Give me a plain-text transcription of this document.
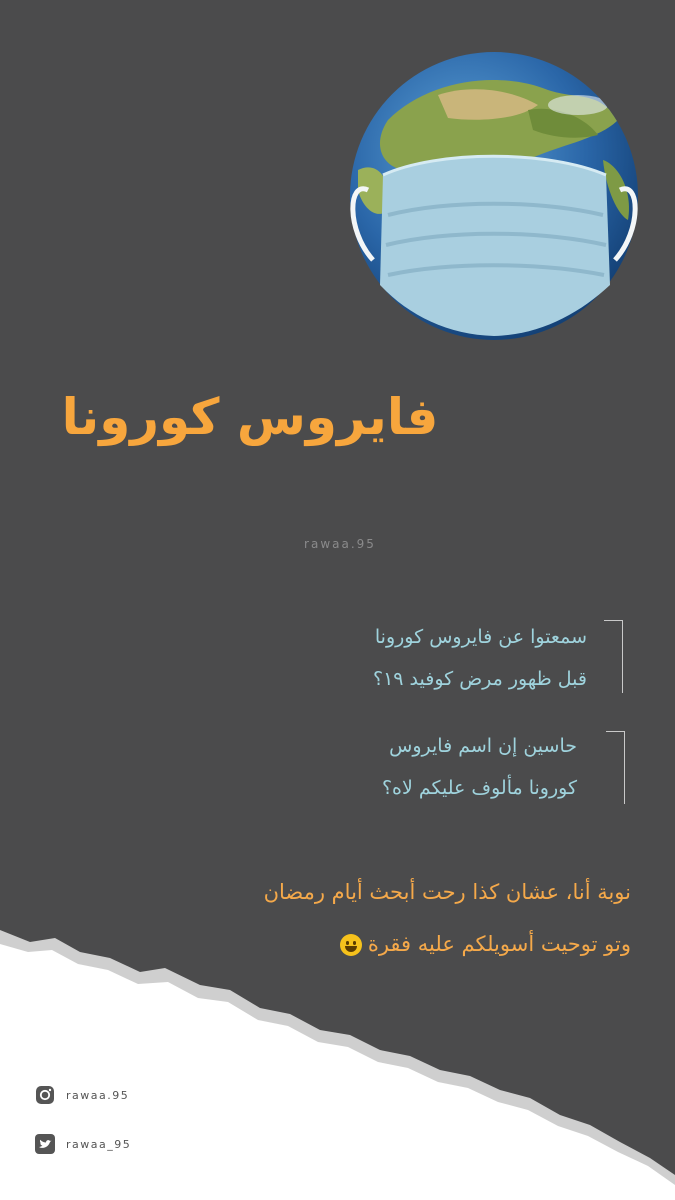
فايروس كورونا
rawaa.95
سمعتوا عن فايروس كورونا
قبل ظهور مرض كوفيد ١٩؟
حاسين إن اسم فايروس
كورونا مألوف عليكم لاه؟
نوبة أنا، عشان كذا رحت أبحث أيام رمضان
وتو توحيت أسويلكم عليه فقرة
rawaa.95
rawaa_95
